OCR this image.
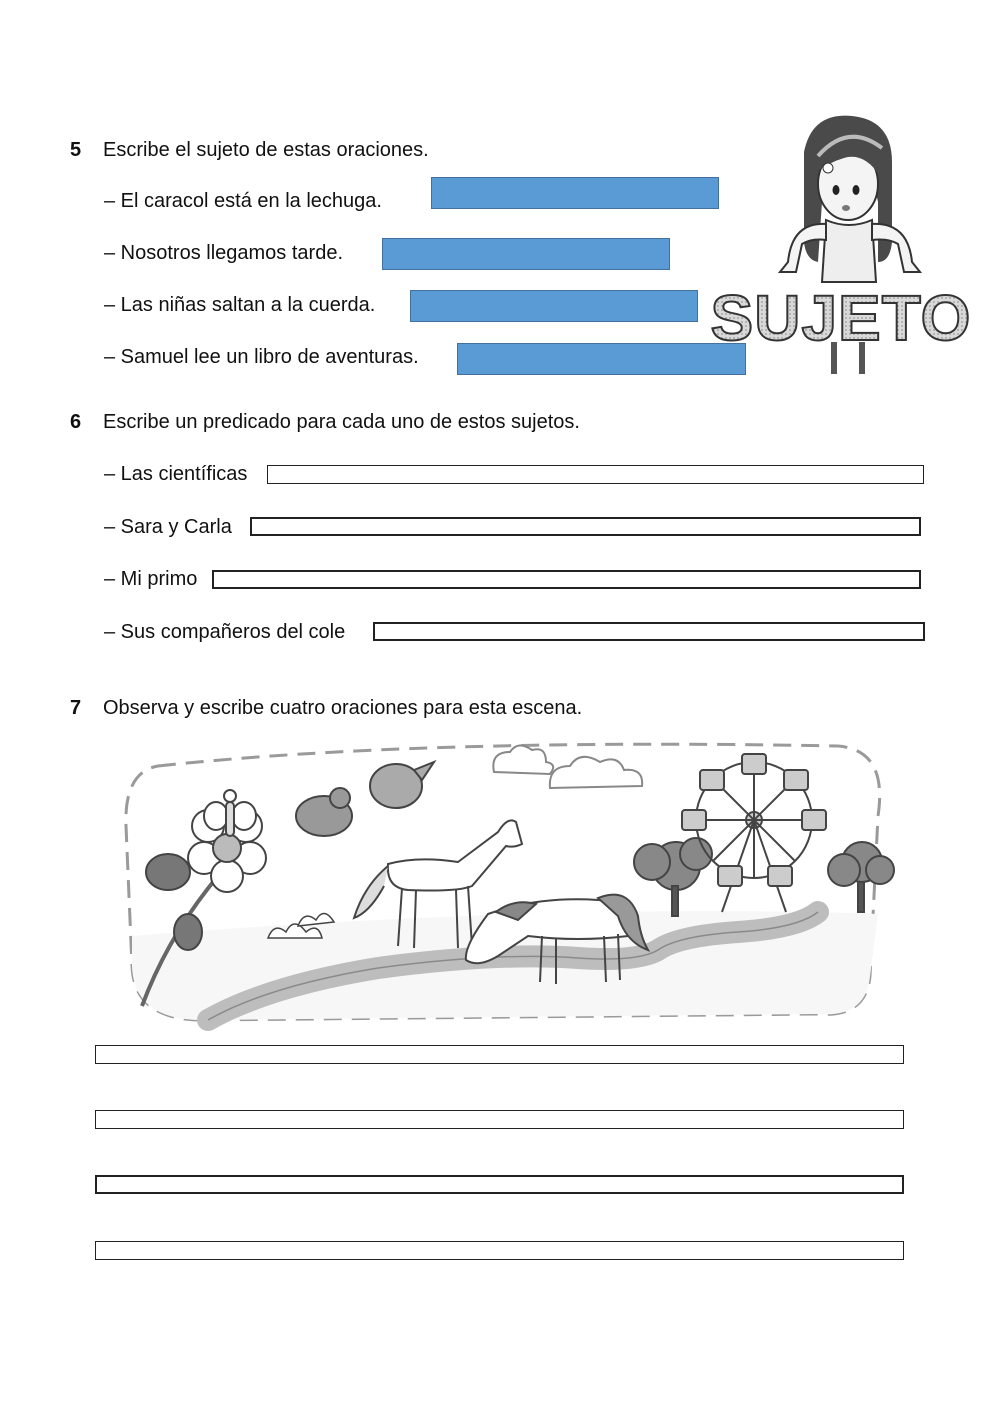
5 Escribe el sujeto de estas oraciones.
– El caracol está en la lechuga.
– Nosotros llegamos tarde.
– Las niñas saltan a la cuerda.
– Samuel lee un libro de aventuras.
SUJETO
6 Escribe un predicado para cada uno de estos sujetos.
– Las científicas
– Sara y Carla
– Mi primo
– Sus compañeros del cole
7 Observa y escribe cuatro oraciones para esta escena.
